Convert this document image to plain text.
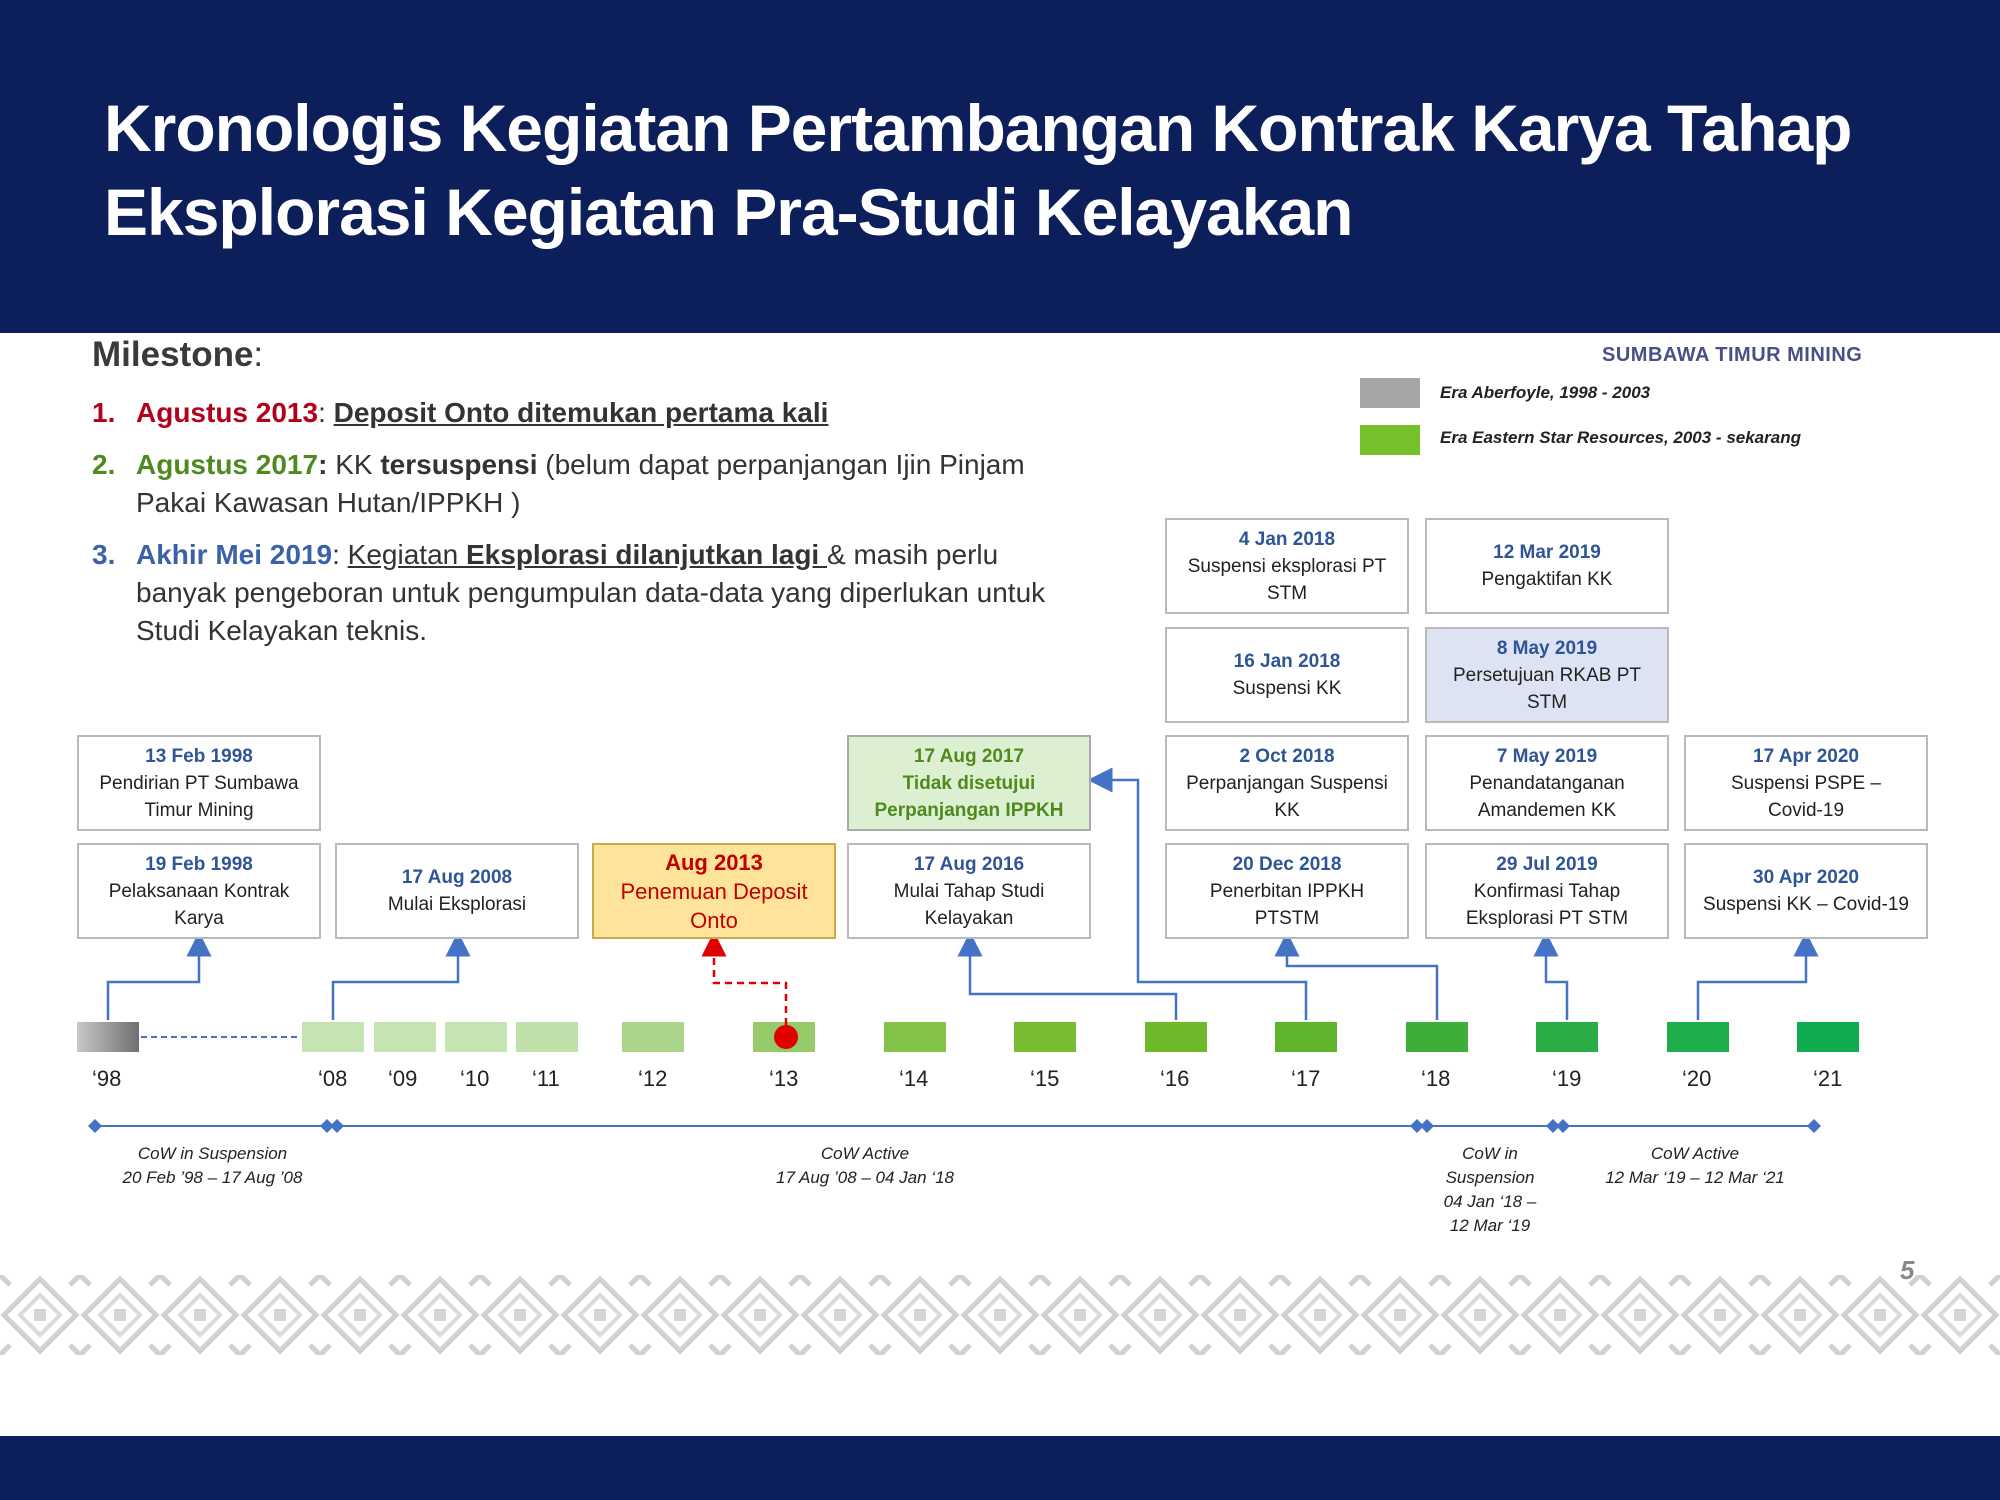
Kronologis Kegiatan Pertambangan Kontrak Karya Tahap Eksplorasi Kegiatan Pra-Studi Kelayakan
Milestone:
1. Agustus 2013: Deposit Onto ditemukan pertama kali
2. Agustus 2017: KK tersuspensi (belum dapat perpanjangan Ijin Pinjam Pakai Kawasan Hutan/IPPKH )
3. Akhir Mei 2019: Kegiatan Eksplorasi dilanjutkan lagi & masih perlu banyak pengeboran untuk pengumpulan data-data yang diperlukan untuk Studi Kelayakan teknis.
SUMBAWA TIMUR MINING
Era Aberfoyle, 1998 - 2003
Era Eastern Star Resources, 2003 - sekarang
13 Feb 1998
Pendirian PT Sumbawa Timur Mining
19 Feb 1998
Pelaksanaan Kontrak Karya
17 Aug 2008
Mulai Eksplorasi
Aug 2013
Penemuan Deposit Onto
17 Aug 2017
Tidak disetujui Perpanjangan IPPKH
17 Aug 2016
Mulai Tahap Studi Kelayakan
4 Jan 2018
Suspensi eksplorasi PT STM
16 Jan 2018
Suspensi KK
2 Oct 2018
Perpanjangan Suspensi KK
20 Dec 2018
Penerbitan IPPKH PTSTM
12 Mar 2019
Pengaktifan KK
8 May 2019
Persetujuan RKAB PT STM
7 May 2019
Penandatanganan Amandemen KK
29 Jul 2019
Konfirmasi Tahap Eksplorasi PT STM
17 Apr 2020
Suspensi PSPE – Covid-19
30 Apr 2020
Suspensi KK – Covid-19
‘98	‘08 ‘09 ‘10 ‘11	‘12	‘13	‘14	‘15	‘16	‘17	‘18	‘19	‘20	‘21
CoW in Suspension
20 Feb ’98 – 17 Aug ’08
CoW Active
17 Aug ’08 – 04 Jan ‘18
CoW in
Suspension
04 Jan ‘18 –
12 Mar ‘19
CoW Active
12 Mar ‘19 – 12 Mar ‘21
5
